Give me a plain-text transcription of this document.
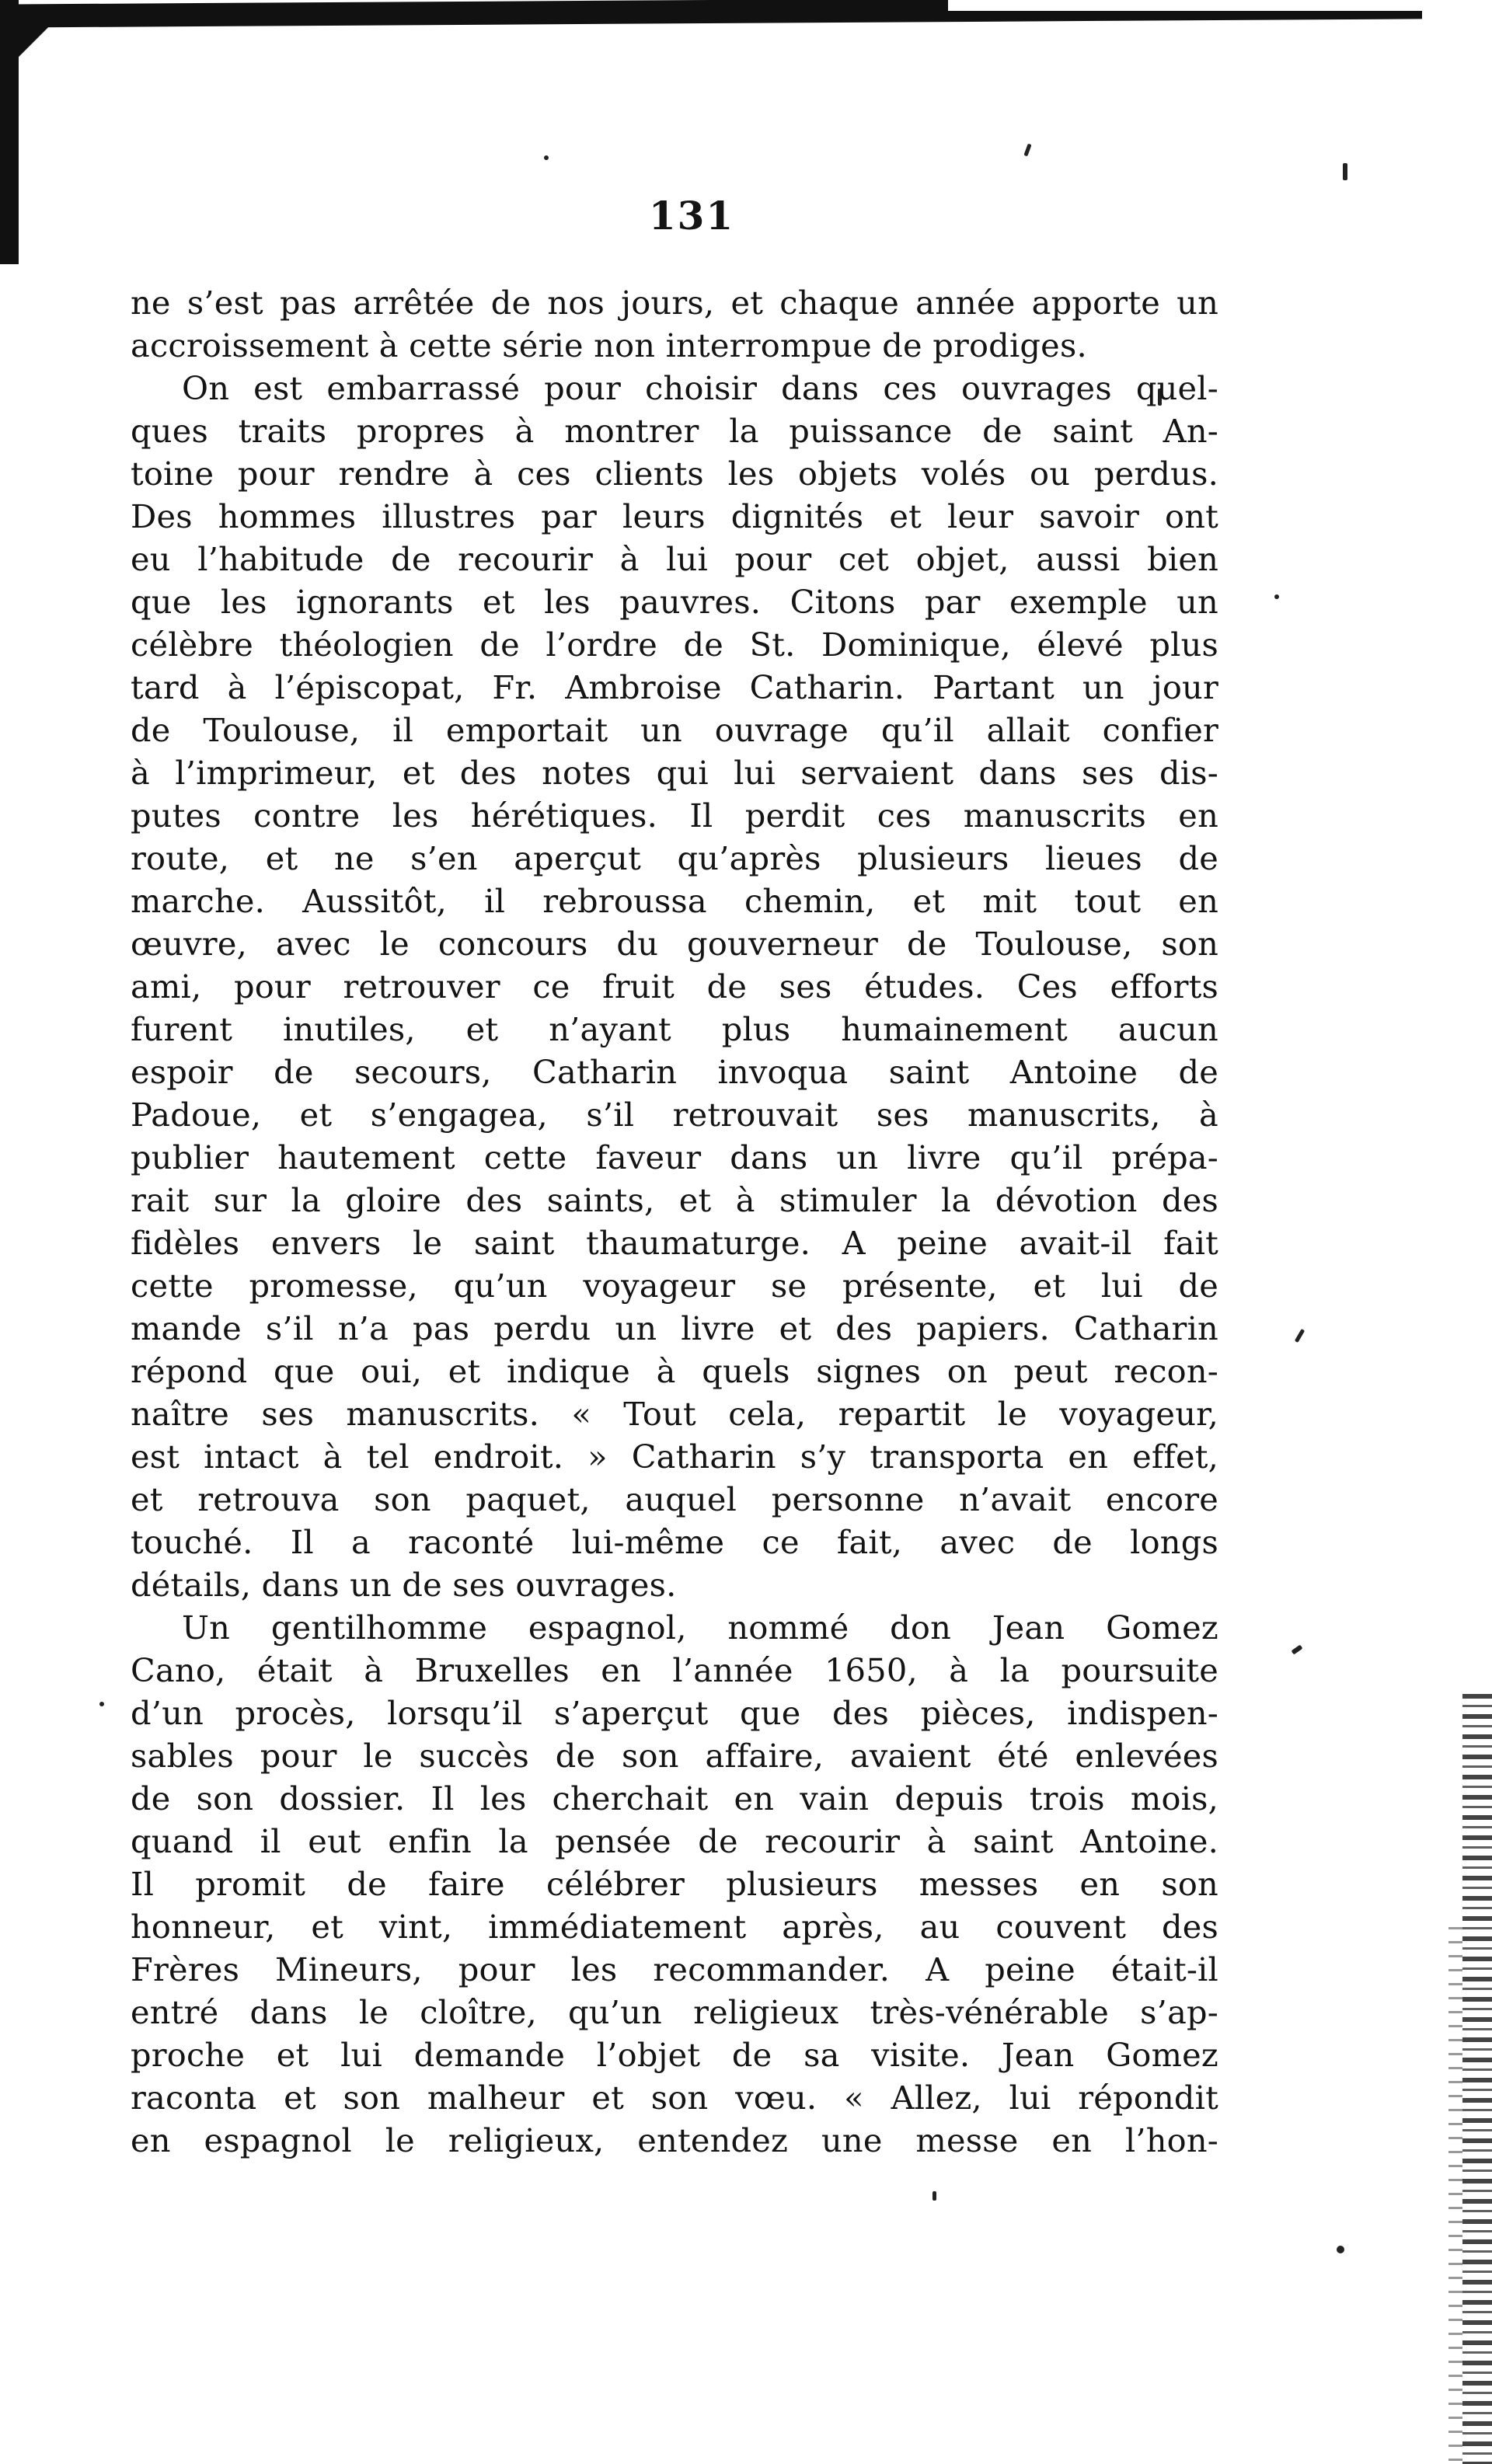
131
ne s’est pas arrêtée de nos jours, et chaque année apporte un
accroissement à cette série non interrompue de prodiges.
On est embarrassé pour choisir dans ces ouvrages quel-
ques traits propres à montrer la puissance de saint An-
toine pour rendre à ces clients les objets volés ou perdus.
Des hommes illustres par leurs dignités et leur savoir ont
eu l’habitude de recourir à lui pour cet objet, aussi bien
que les ignorants et les pauvres. Citons par exemple un
célèbre théologien de l’ordre de St. Dominique, élevé plus
tard à l’épiscopat, Fr. Ambroise Catharin. Partant un jour
de Toulouse, il emportait un ouvrage qu’il allait confier
à l’imprimeur, et des notes qui lui servaient dans ses dis-
putes contre les hérétiques. Il perdit ces manuscrits en
route, et ne s’en aperçut qu’après plusieurs lieues de
marche. Aussitôt, il rebroussa chemin, et mit tout en
œuvre, avec le concours du gouverneur de Toulouse, son
ami, pour retrouver ce fruit de ses études. Ces efforts
furent inutiles, et n’ayant plus humainement aucun
espoir de secours, Catharin invoqua saint Antoine de
Padoue, et s’engagea, s’il retrouvait ses manuscrits, à
publier hautement cette faveur dans un livre qu’il prépa-
rait sur la gloire des saints, et à stimuler la dévotion des
fidèles envers le saint thaumaturge. A peine avait-il fait
cette promesse, qu’un voyageur se présente, et lui de
mande s’il n’a pas perdu un livre et des papiers. Catharin
répond que oui, et indique à quels signes on peut recon-
naître ses manuscrits. « Tout cela, repartit le voyageur,
est intact à tel endroit. » Catharin s’y transporta en effet,
et retrouva son paquet, auquel personne n’avait encore
touché. Il a raconté lui-même ce fait, avec de longs
détails, dans un de ses ouvrages.
Un gentilhomme espagnol, nommé don Jean Gomez
Cano, était à Bruxelles en l’année 1650, à la poursuite
d’un procès, lorsqu’il s’aperçut que des pièces, indispen-
sables pour le succès de son affaire, avaient été enlevées
de son dossier. Il les cherchait en vain depuis trois mois,
quand il eut enfin la pensée de recourir à saint Antoine.
Il promit de faire célébrer plusieurs messes en son
honneur, et vint, immédiatement après, au couvent des
Frères Mineurs, pour les recommander. A peine était-il
entré dans le cloître, qu’un religieux très-vénérable s’ap-
proche et lui demande l’objet de sa visite. Jean Gomez
raconta et son malheur et son vœu. « Allez, lui répondit
en espagnol le religieux, entendez une messe en l’hon-
